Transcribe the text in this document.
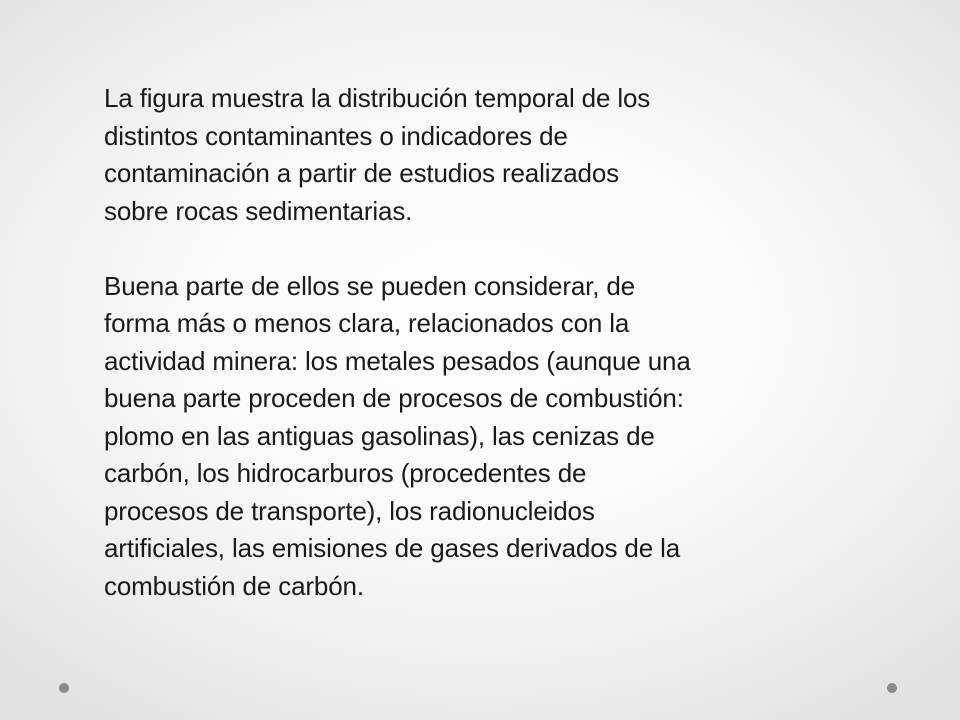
La figura muestra la distribución temporal de los
distintos contaminantes o indicadores de
contaminación a partir de estudios realizados
sobre rocas sedimentarias.

Buena parte de ellos se pueden considerar, de
forma más o menos clara, relacionados con la
actividad minera: los metales pesados (aunque una
buena parte proceden de procesos de combustión:
plomo en las antiguas gasolinas), las cenizas de
carbón, los hidrocarburos (procedentes de
procesos de transporte), los radionucleidos
artificiales, las emisiones de gases derivados de la
combustión de carbón.
